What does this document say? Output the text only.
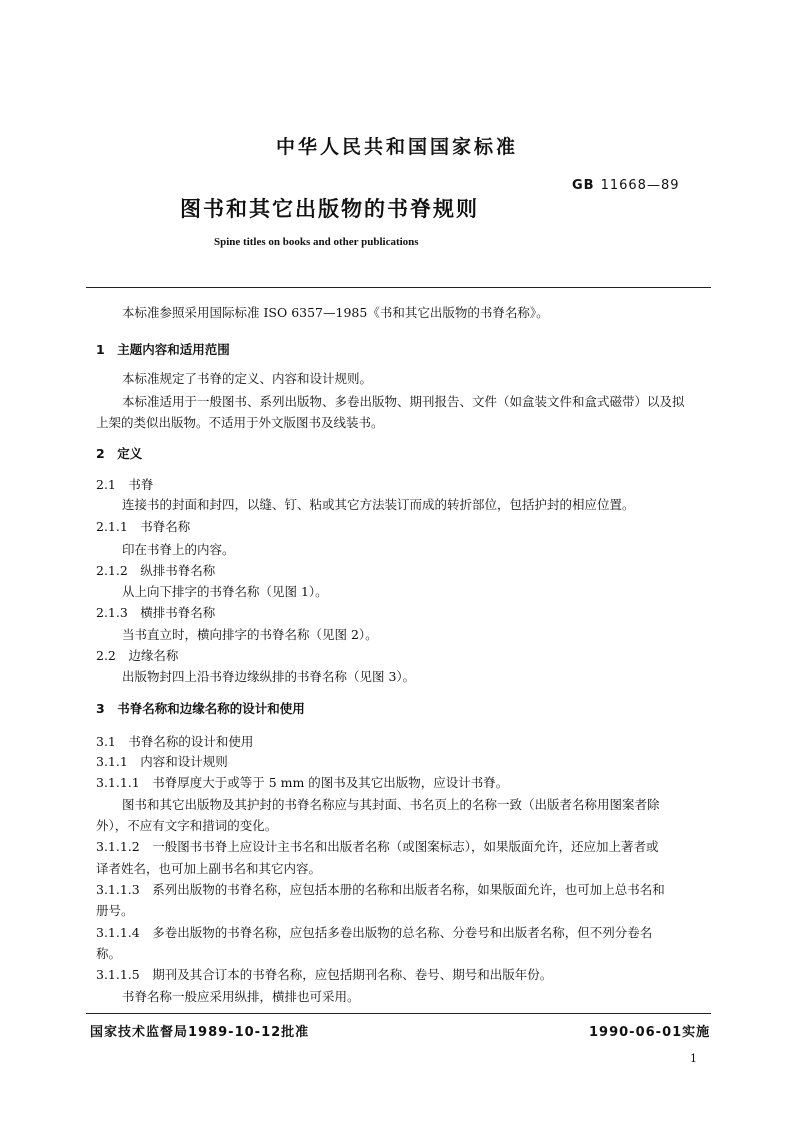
中华人民共和国国家标准
GB 11668—89
图书和其它出版物的书脊规则
Spine titles on books and other publications
本标准参照采用国际标准 ISO 6357—1985《书和其它出版物的书脊名称》。
1　主题内容和适用范围
本标准规定了书脊的定义、内容和设计规则。
本标准适用于一般图书、系列出版物、多卷出版物、期刊报告、文件（如盒装文件和盒式磁带）以及拟
上架的类似出版物。不适用于外文版图书及线装书。
2　定义
2.1　书脊
连接书的封面和封四，以缝、钉、粘或其它方法装订而成的转折部位，包括护封的相应位置。
2.1.1　书脊名称
印在书脊上的内容。
2.1.2　纵排书脊名称
从上向下排字的书脊名称（见图 1）。
2.1.3　横排书脊名称
当书直立时，横向排字的书脊名称（见图 2）。
2.2　边缘名称
出版物封四上沿书脊边缘纵排的书脊名称（见图 3）。
3　书脊名称和边缘名称的设计和使用
3.1　书脊名称的设计和使用
3.1.1　内容和设计规则
3.1.1.1　书脊厚度大于或等于 5 mm 的图书及其它出版物，应设计书脊。
图书和其它出版物及其护封的书脊名称应与其封面、书名页上的名称一致（出版者名称用图案者除
外），不应有文字和措词的变化。
3.1.1.2　一般图书书脊上应设计主书名和出版者名称（或图案标志），如果版面允许，还应加上著者或
译者姓名，也可加上副书名和其它内容。
3.1.1.3　系列出版物的书脊名称，应包括本册的名称和出版者名称，如果版面允许，也可加上总书名和
册号。
3.1.1.4　多卷出版物的书脊名称，应包括多卷出版物的总名称、分卷号和出版者名称，但不列分卷名
称。
3.1.1.5　期刊及其合订本的书脊名称，应包括期刊名称、卷号、期号和出版年份。
书脊名称一般应采用纵排，横排也可采用。
国家技术监督局1989-10-12批准	1990-06-01实施
1
